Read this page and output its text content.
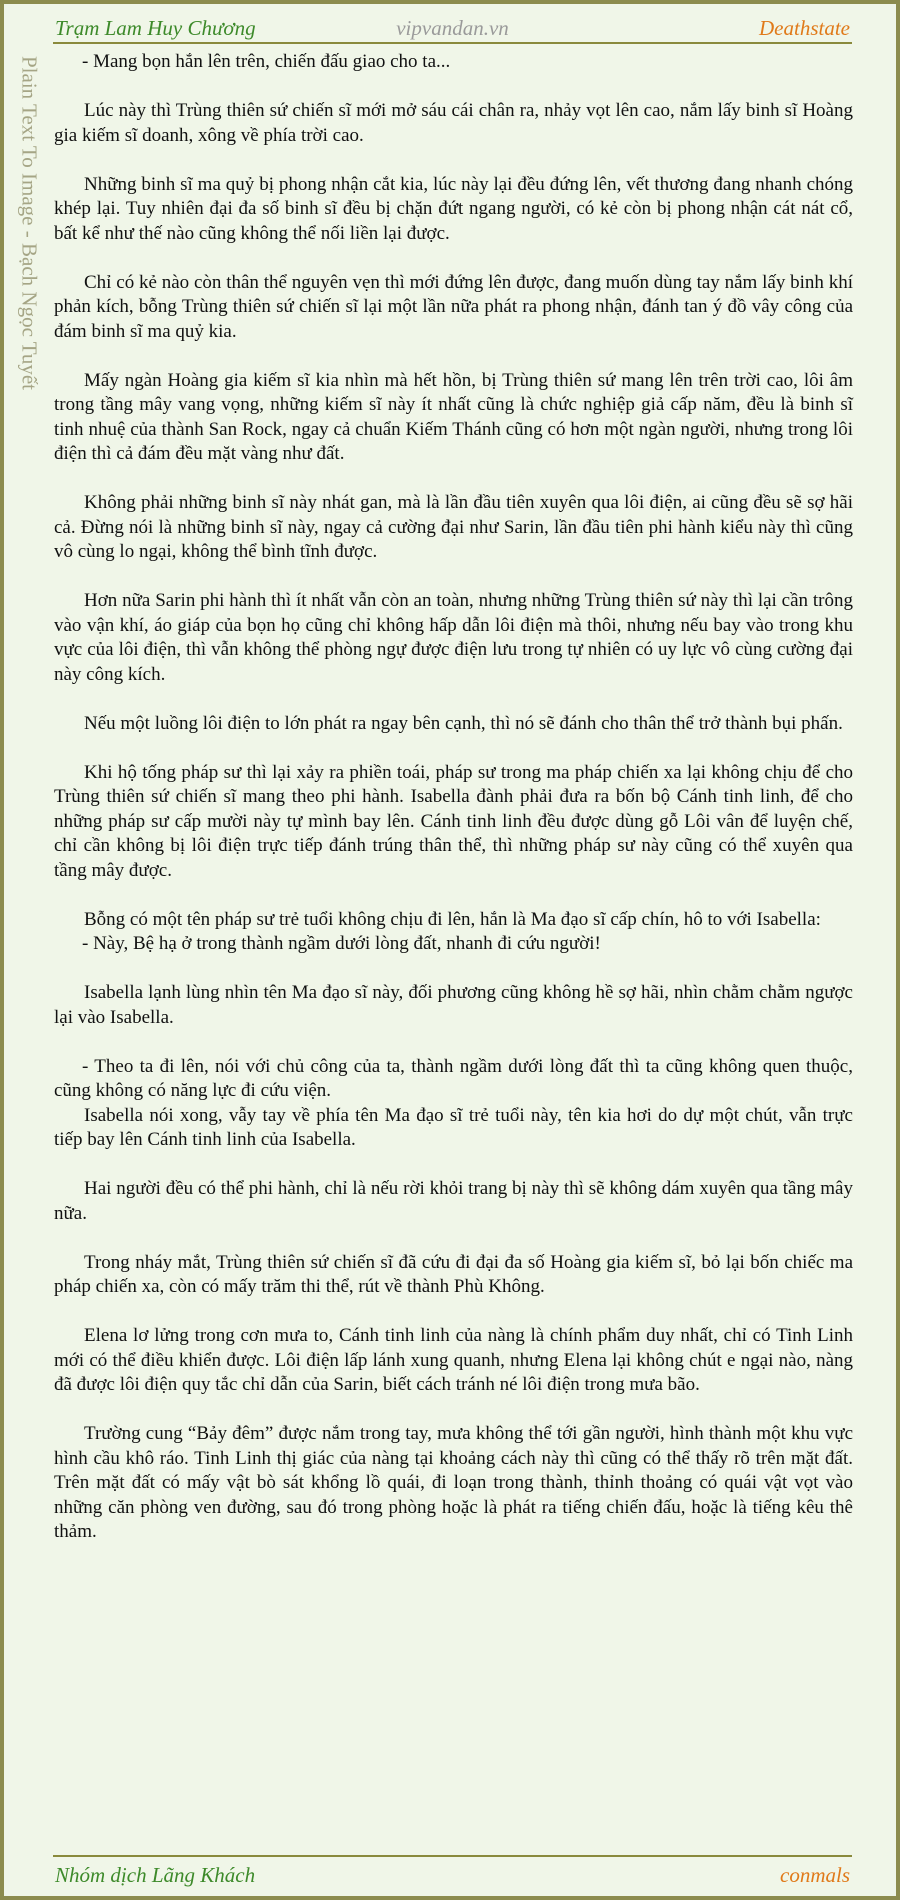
Trạm Lam Huy Chương	vipvandan.vn	Deathstate
Plain Text To Image - Bạch Ngọc Tuyết	- Mang bọn hắn lên trên, chiến đấu giao cho ta...

Lúc này thì Trùng thiên sứ chiến sĩ mới mở sáu cái chân ra, nhảy vọt lên cao, nắm lấy binh sĩ Hoàng gia kiếm sĩ doanh, xông về phía trời cao.

Những binh sĩ ma quỷ bị phong nhận cắt kia, lúc này lại đều đứng lên, vết thương đang nhanh chóng khép lại. Tuy nhiên đại đa số binh sĩ đều bị chặn đứt ngang người, có kẻ còn bị phong nhận cát nát cổ, bất kể như thế nào cũng không thể nối liền lại được.

Chỉ có kẻ nào còn thân thể nguyên vẹn thì mới đứng lên được, đang muốn dùng tay nắm lấy binh khí phản kích, bỗng Trùng thiên sứ chiến sĩ lại một lần nữa phát ra phong nhận, đánh tan ý đồ vây công của đám binh sĩ ma quỷ kia.

Mấy ngàn Hoàng gia kiếm sĩ kia nhìn mà hết hồn, bị Trùng thiên sứ mang lên trên trời cao, lôi âm trong tầng mây vang vọng, những kiếm sĩ này ít nhất cũng là chức nghiệp giả cấp năm, đều là binh sĩ tinh nhuệ của thành San Rock, ngay cả chuẩn Kiếm Thánh cũng có hơn một ngàn người, nhưng trong lôi điện thì cả đám đều mặt vàng như đất.

Không phải những binh sĩ này nhát gan, mà là lần đầu tiên xuyên qua lôi điện, ai cũng đều sẽ sợ hãi cả. Đừng nói là những binh sĩ này, ngay cả cường đại như Sarin, lần đầu tiên phi hành kiểu này thì cũng vô cùng lo ngại, không thể bình tĩnh được.

Hơn nữa Sarin phi hành thì ít nhất vẫn còn an toàn, nhưng những Trùng thiên sứ này thì lại cần trông vào vận khí, áo giáp của bọn họ cũng chỉ không hấp dẫn lôi điện mà thôi, nhưng nếu bay vào trong khu vực của lôi điện, thì vẫn không thể phòng ngự được điện lưu trong tự nhiên có uy lực vô cùng cường đại này công kích.

Nếu một luồng lôi điện to lớn phát ra ngay bên cạnh, thì nó sẽ đánh cho thân thể trở thành bụi phấn.

Khi hộ tống pháp sư thì lại xảy ra phiền toái, pháp sư trong ma pháp chiến xa lại không chịu để cho Trùng thiên sứ chiến sĩ mang theo phi hành. Isabella đành phải đưa ra bốn bộ Cánh tinh linh, để cho những pháp sư cấp mười này tự mình bay lên. Cánh tinh linh đều được dùng gỗ Lôi vân để luyện chế, chỉ cần không bị lôi điện trực tiếp đánh trúng thân thể, thì những pháp sư này cũng có thể xuyên qua tầng mây được.

Bỗng có một tên pháp sư trẻ tuổi không chịu đi lên, hắn là Ma đạo sĩ cấp chín, hô to với Isabella:

- Này, Bệ hạ ở trong thành ngầm dưới lòng đất, nhanh đi cứu người!

Isabella lạnh lùng nhìn tên Ma đạo sĩ này, đối phương cũng không hề sợ hãi, nhìn chằm chằm ngược lại vào Isabella.

- Theo ta đi lên, nói với chủ công của ta, thành ngầm dưới lòng đất thì ta cũng không quen thuộc, cũng không có năng lực đi cứu viện.

Isabella nói xong, vẫy tay về phía tên Ma đạo sĩ trẻ tuổi này, tên kia hơi do dự một chút, vẫn trực tiếp bay lên Cánh tinh linh của Isabella.

Hai người đều có thể phi hành, chỉ là nếu rời khỏi trang bị này thì sẽ không dám xuyên qua tầng mây nữa.

Trong nháy mắt, Trùng thiên sứ chiến sĩ đã cứu đi đại đa số Hoàng gia kiếm sĩ, bỏ lại bốn chiếc ma pháp chiến xa, còn có mấy trăm thi thể, rút về thành Phù Không.

Elena lơ lửng trong cơn mưa to, Cánh tinh linh của nàng là chính phẩm duy nhất, chỉ có Tinh Linh mới có thể điều khiển được. Lôi điện lấp lánh xung quanh, nhưng Elena lại không chút e ngại nào, nàng đã được lôi điện quy tắc chỉ dẫn của Sarin, biết cách tránh né lôi điện trong mưa bão.

Trường cung “Bảy đêm” được nắm trong tay, mưa không thể tới gần người, hình thành một khu vực hình cầu khô ráo. Tinh Linh thị giác của nàng tại khoảng cách này thì cũng có thể thấy rõ trên mặt đất. Trên mặt đất có mấy vật bò sát khổng lồ quái, đi loạn trong thành, thỉnh thoảng có quái vật vọt vào những căn phòng ven đường, sau đó trong phòng hoặc là phát ra tiếng chiến đấu, hoặc là tiếng kêu thê thảm.

Nhóm dịch Lãng Khách	conmals
